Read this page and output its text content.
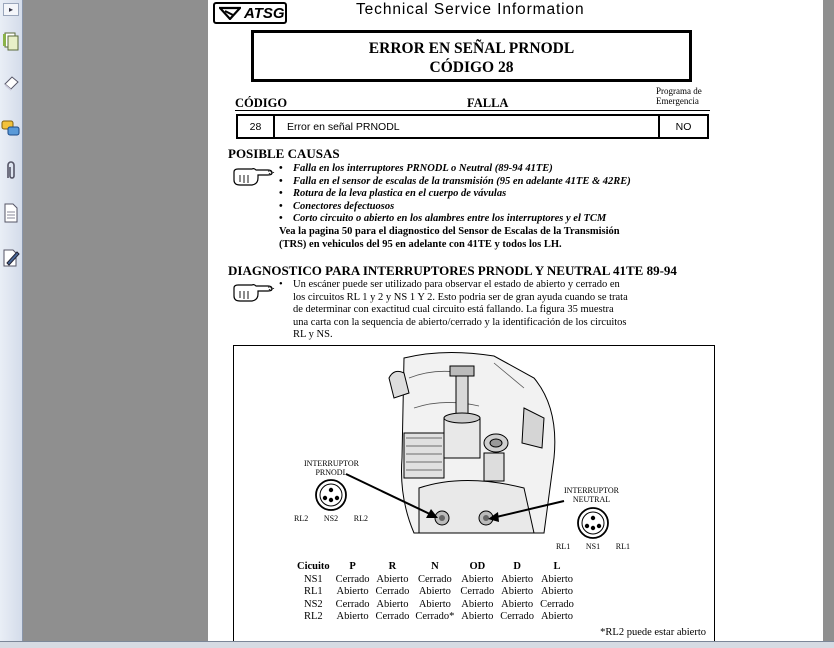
▸	ATSG	Technical Service Information
ERROR EN SEÑAL PRNODL
CÓDIGO 28
CÓDIGO	FALLA
Programa de
Emergencia
28	Error en señal PRNODL	NO
POSIBLE CAUSAS
• Falla en los interruptores PRNODL o Neutral (89-94 41TE)
• Falla en el sensor de escalas de la transmisión (95 en adelante 41TE & 42RE)
• Rotura de la leva plastica en el cuerpo de vávulas
• Conectores defectuosos
• Corto circuito o abierto en los alambres entre los interruptores y el TCM
Vea la pagina 50 para el diagnostico del Sensor de Escalas de la Transmisión
(TRS) en vehiculos del 95 en adelante con 41TE y todos los LH.
DIAGNOSTICO PARA INTERRUPTORES PRNODL Y NEUTRAL 41TE 89-94
• Un escáner puede ser utilizado para observar el estado de abierto y cerrado en
los circuitos RL 1 y 2 y NS 1 Y 2. Esto podria ser de gran ayuda cuando se trata
de determinar con exactitud cual circuito está fallando. La figura 35 muestra
una carta con la sequencia de abierto/cerrado y la identificación de los circuitos
RL y NS.
INTERRUPTOR
PRNODL
INTERRUPTOR
NEUTRAL
RL2 NS2 RL2
RL1 NS1 RL1
Cicuito	P	R	N	OD	D	L
NS1	Cerrado	Abierto	Cerrado	Abierto	Abierto	Abierto
RL1	Abierto	Cerrado	Abierto	Cerrado	Abierto	Abierto
NS2	Cerrado	Abierto	Abierto	Abierto	Abierto	Cerrado
RL2	Abierto	Cerrado	Cerrado*	Abierto	Cerrado	Abierto
*RL2 puede estar abierto
